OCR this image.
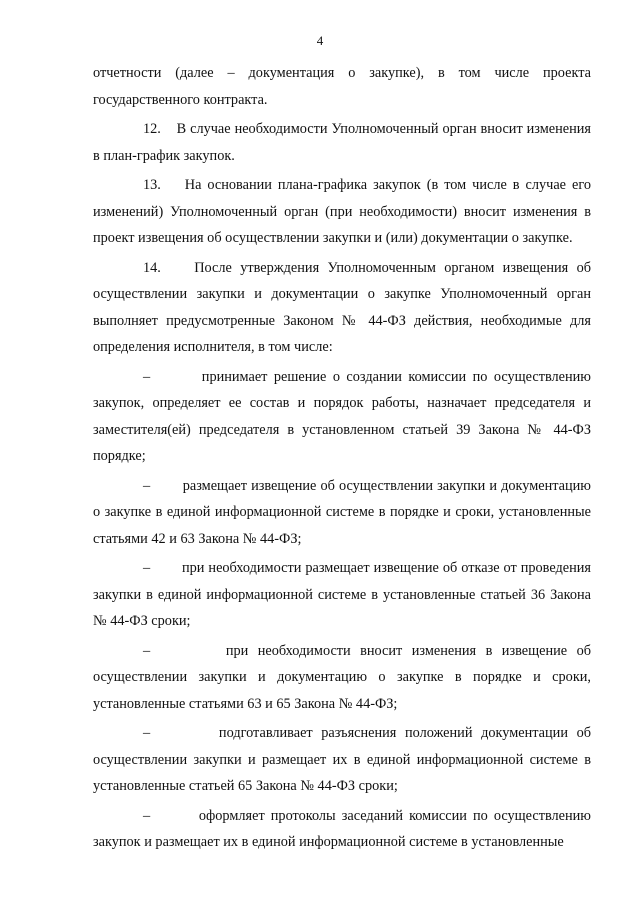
4

отчетности (далее – документация о закупке), в том числе проекта государственного контракта.

12.    В случае необходимости Уполномоченный орган вносит изменения в план-график закупок.

13.    На основании плана-графика закупок (в том числе в случае его изменений) Уполномоченный орган (при необходимости) вносит изменения в проект извещения об осуществлении закупки и (или) документации о закупке.

14.    После утверждения Уполномоченным органом извещения об осуществлении закупки и документации о закупке Уполномоченный орган выполняет предусмотренные Законом № 44-ФЗ действия, необходимые для определения исполнителя, в том числе:

–        принимает решение о создании комиссии по осуществлению закупок, определяет ее состав и порядок работы, назначает председателя и заместителя(ей) председателя в установленном статьей 39 Закона № 44-ФЗ порядке;

–        размещает извещение об осуществлении закупки и документацию о закупке в единой информационной системе в порядке и сроки, установленные статьями 42 и 63 Закона № 44-ФЗ;

–        при необходимости размещает извещение об отказе от проведения закупки в единой информационной системе в установленные статьей 36 Закона № 44-ФЗ сроки;

–        при необходимости вносит изменения в извещение об осуществлении закупки и документацию о закупке в порядке и сроки, установленные статьями 63 и 65 Закона № 44-ФЗ;

–        подготавливает разъяснения положений документации об осуществлении закупки и размещает их в единой информационной системе в установленные статьей 65 Закона № 44-ФЗ сроки;

–        оформляет протоколы заседаний комиссии по осуществлению закупок и размещает их в единой информационной системе в установленные
